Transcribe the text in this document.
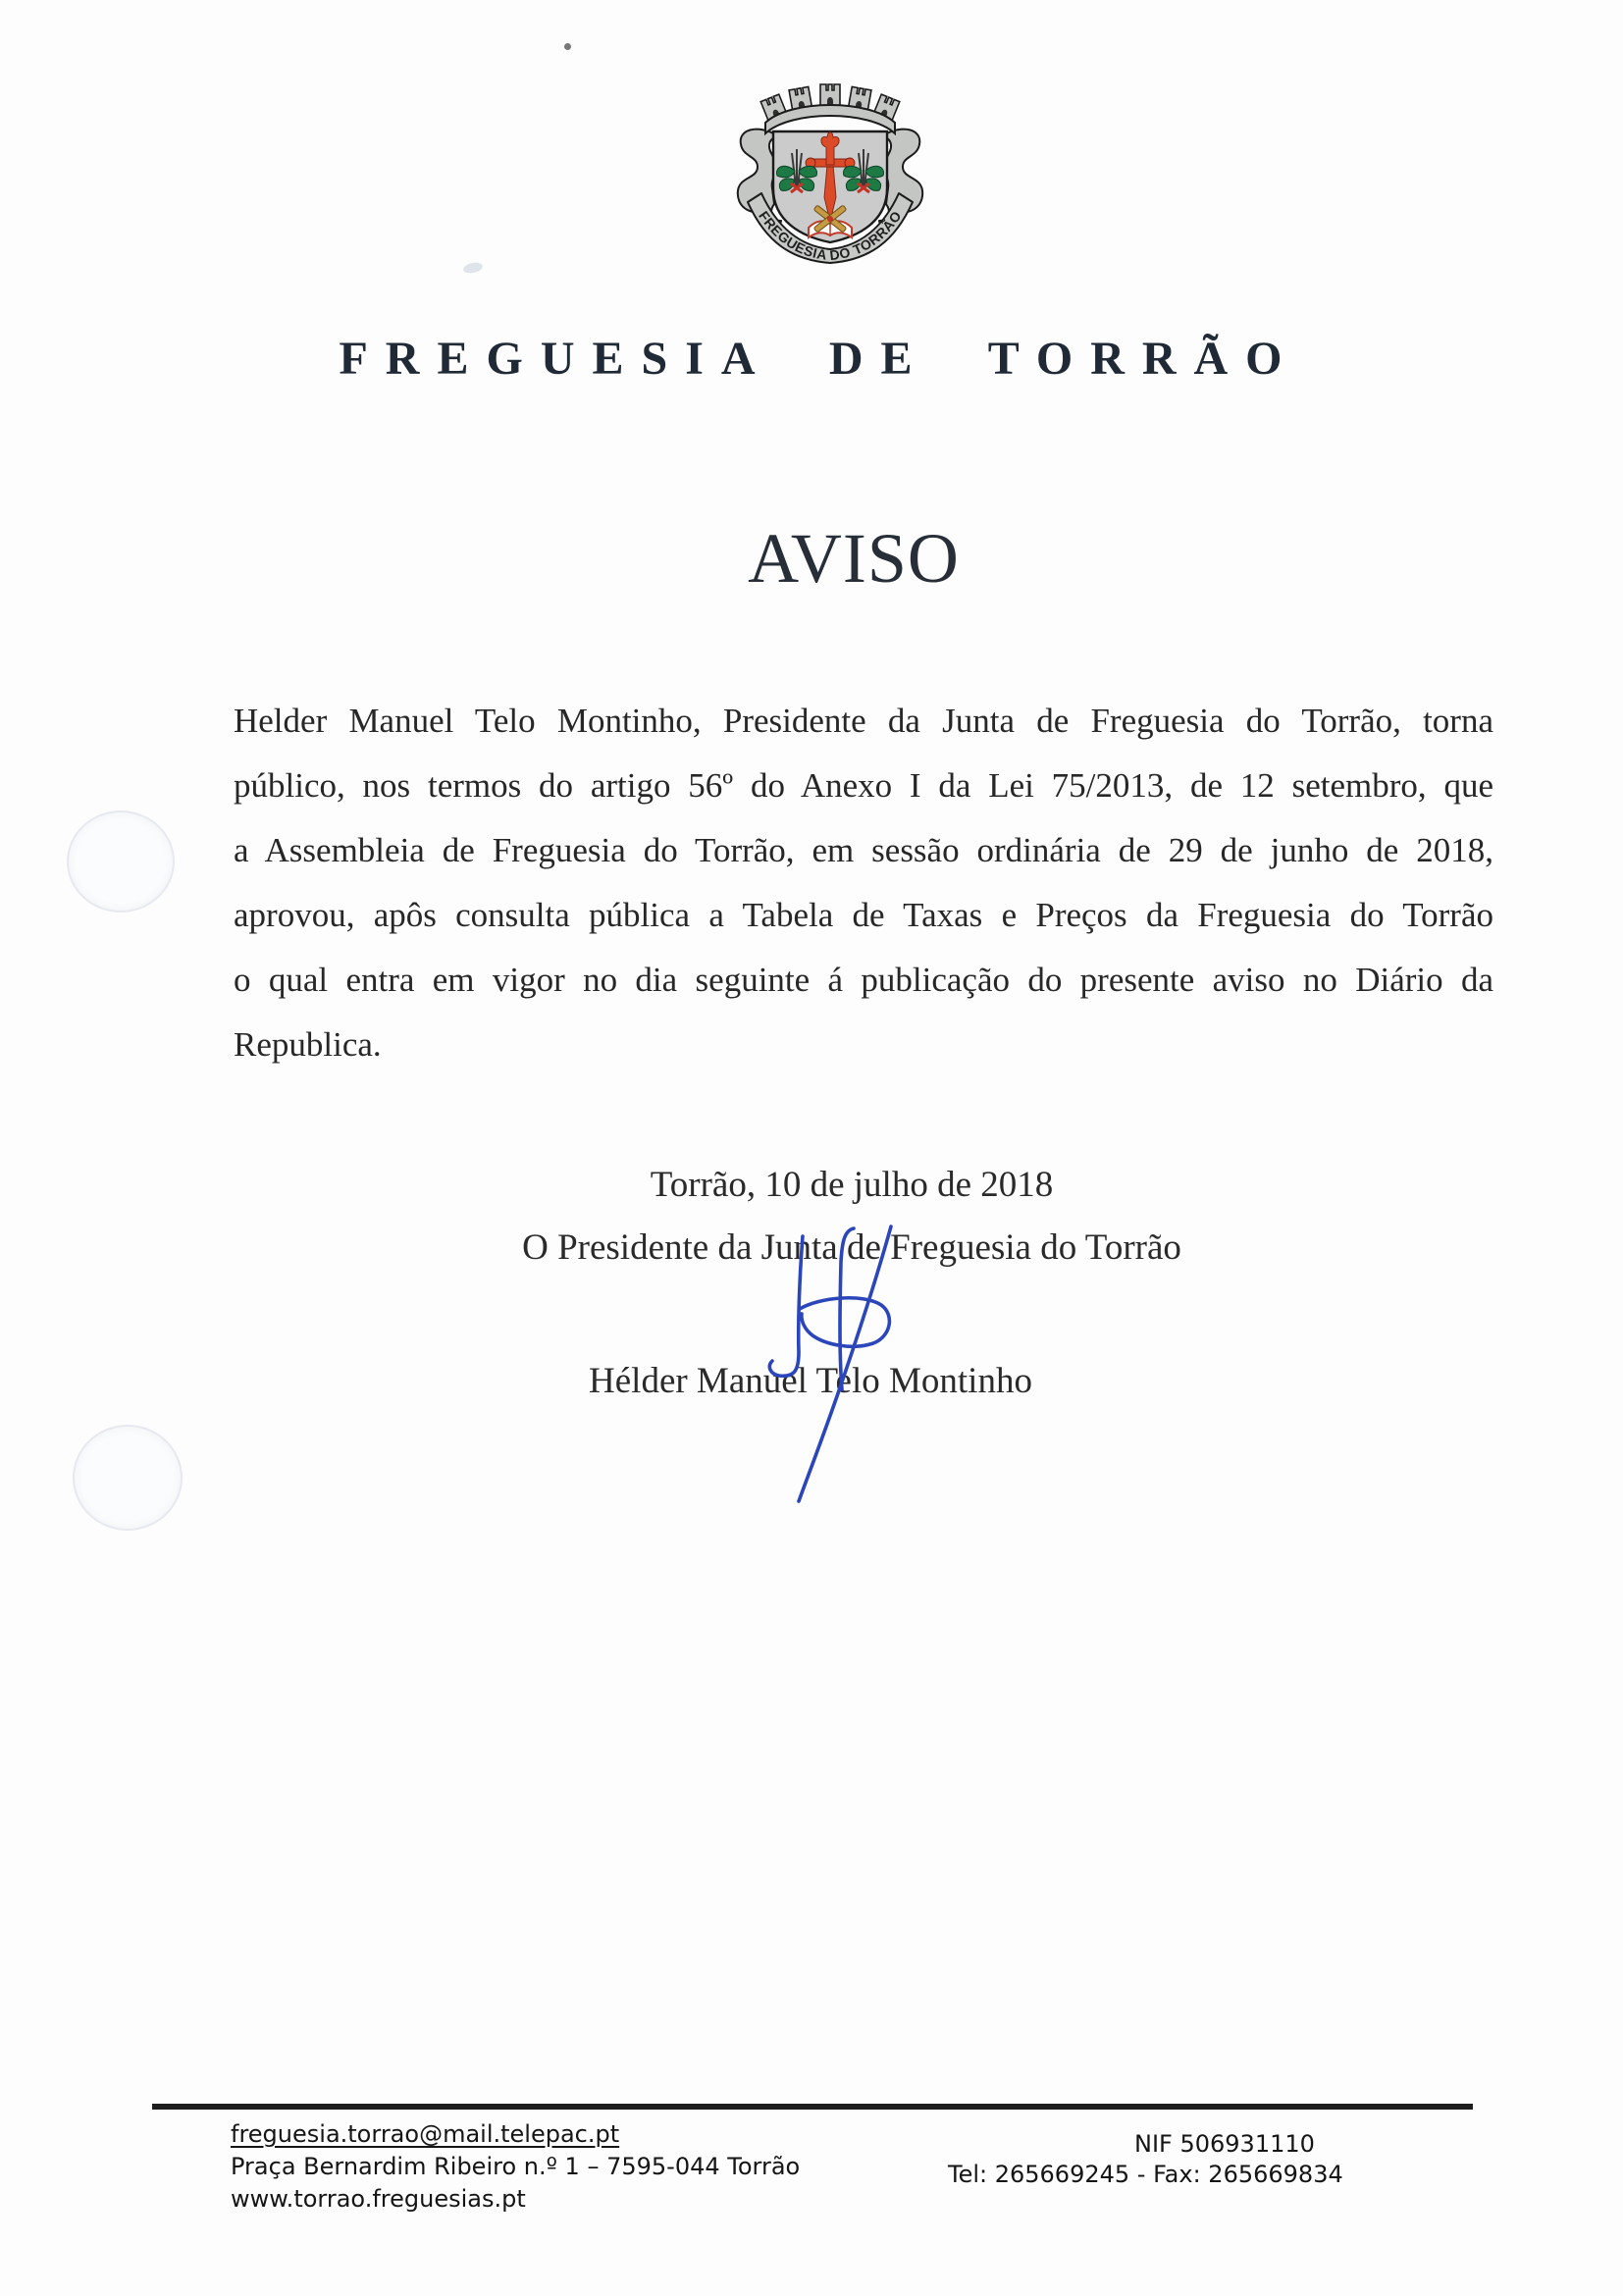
FREGUESIA DO TORRÃO
FREGUESIA DE TORRÃO
AVISO
Helder Manuel Telo Montinho, Presidente da Junta de Freguesia do Torrão, torna
público, nos termos do artigo 56º do Anexo I da Lei 75/2013, de 12 setembro, que
a Assembleia de Freguesia do Torrão, em sessão ordinária de 29 de junho de 2018,
aprovou, apôs consulta pública a Tabela de Taxas e Preços da Freguesia do Torrão
o qual entra em vigor no dia seguinte á publicação do presente aviso no Diário da
Republica.
Torrão, 10 de julho de 2018
O Presidente da Junta de Freguesia do Torrão
Hélder Manuel Telo Montinho
freguesia.torrao@mail.telepac.pt
Praça Bernardim Ribeiro n.º 1 – 7595-044 Torrão
www.torrao.freguesias.pt
NIF 506931110
Tel: 265669245 - Fax: 265669834
